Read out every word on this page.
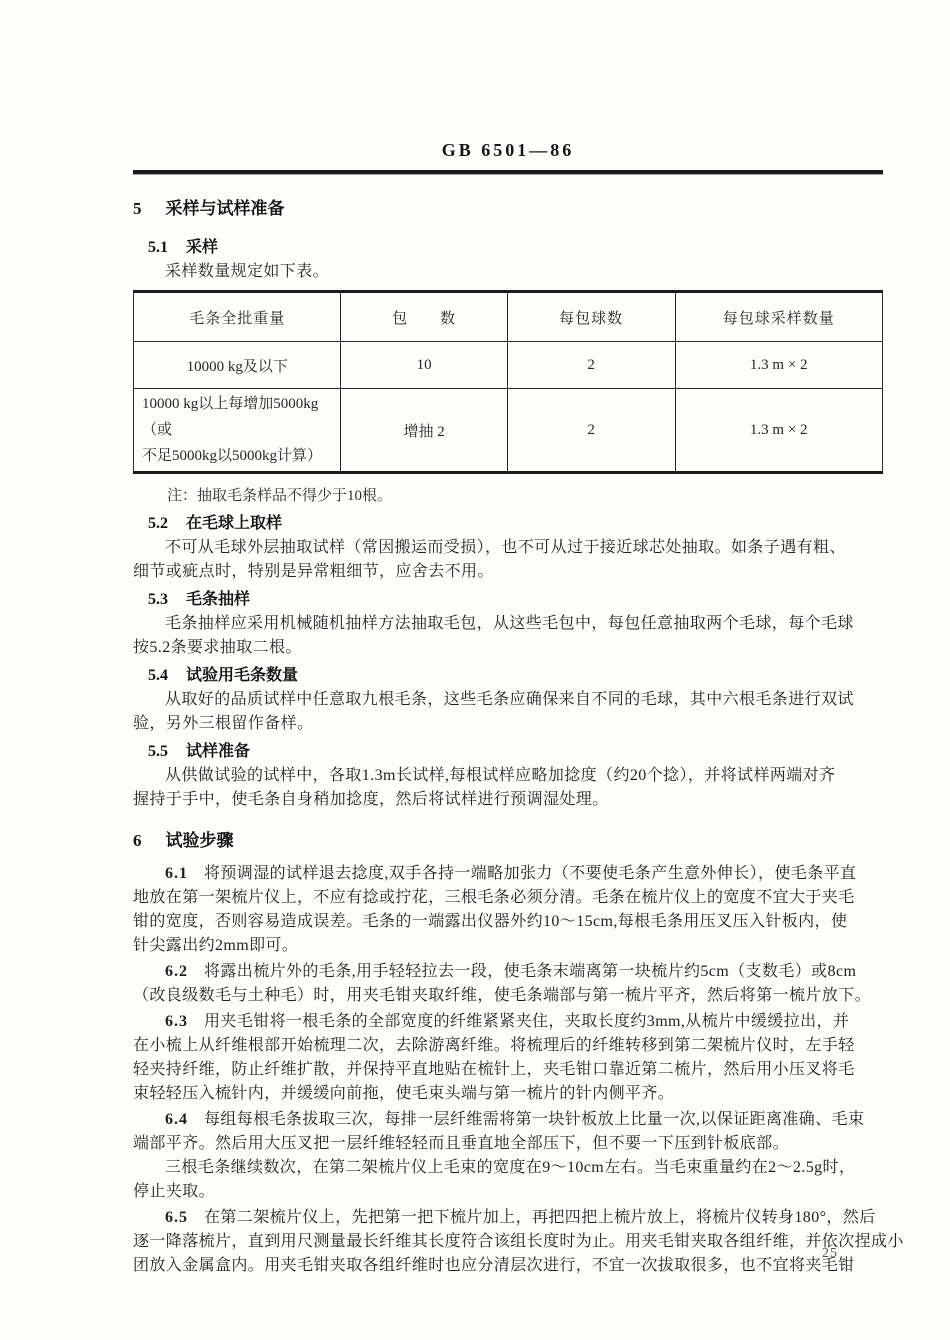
GB 6501—86
5 采样与试样准备
5.1 采样
采样数量规定如下表。
毛条全批重量	包　　数	每包球数	每包球采样数量
10000 kg及以下	10	2	1.3 m × 2

10000 kg以上每增加5000kg（或
不足5000kg以5000kg计算）	增抽 2	2	1.3 m × 2
注：抽取毛条样品不得少于10根。
5.2 在毛球上取样
不可从毛球外层抽取试样（常因搬运而受损），也不可从过于接近球芯处抽取。如条子遇有粗、
细节或疵点时，特别是异常粗细节，应舍去不用。
5.3 毛条抽样
毛条抽样应采用机械随机抽样方法抽取毛包，从这些毛包中，每包任意抽取两个毛球，每个毛球
按5.2条要求抽取二根。
5.4 试验用毛条数量
从取好的品质试样中任意取九根毛条，这些毛条应确保来自不同的毛球，其中六根毛条进行双试
验，另外三根留作备样。
5.5 试样准备
从供做试验的试样中，各取1.3m长试样,每根试样应略加捻度（约20个捻），并将试样两端对齐
握持于手中，使毛条自身稍加捻度，然后将试样进行预调湿处理。
6 试验步骤
6.1 将预调湿的试样退去捻度,双手各持一端略加张力（不要使毛条产生意外伸长），使毛条平直
地放在第一架梳片仪上，不应有捻或拧花，三根毛条必须分清。毛条在梳片仪上的宽度不宜大于夹毛
钳的宽度，否则容易造成误差。毛条的一端露出仪器外约10～15cm,每根毛条用压叉压入针板内，使
针尖露出约2mm即可。
6.2 将露出梳片外的毛条,用手轻轻拉去一段，使毛条末端离第一块梳片约5cm（支数毛）或8cm
（改良级数毛与土种毛）时，用夹毛钳夹取纤维，使毛条端部与第一梳片平齐，然后将第一梳片放下。
6.3 用夹毛钳将一根毛条的全部宽度的纤维紧紧夹住，夹取长度约3mm,从梳片中缓缓拉出，并
在小梳上从纤维根部开始梳理二次，去除游离纤维。将梳理后的纤维转移到第二架梳片仪时，左手轻
轻夹持纤维，防止纤维扩散，并保持平直地贴在梳针上，夹毛钳口靠近第二梳片，然后用小压叉将毛
束轻轻压入梳针内，并缓缓向前拖，使毛束头端与第一梳片的针内侧平齐。
6.4 每组每根毛条拔取三次，每排一层纤维需将第一块针板放上比量一次,以保证距离准确、毛束
端部平齐。然后用大压叉把一层纤维轻轻而且垂直地全部压下，但不要一下压到针板底部。
三根毛条继续数次，在第二架梳片仪上毛束的宽度在9～10cm左右。当毛束重量约在2～2.5g时，
停止夹取。
6.5 在第二架梳片仪上，先把第一把下梳片加上，再把四把上梳片放上，将梳片仪转身180°，然后
逐一降落梳片，直到用尺测量最长纤维其长度符合该组长度时为止。用夹毛钳夹取各组纤维，并依次捏成小
团放入金属盒内。用夹毛钳夹取各组纤维时也应分清层次进行，不宜一次拔取很多，也不宜将夹毛钳
25
